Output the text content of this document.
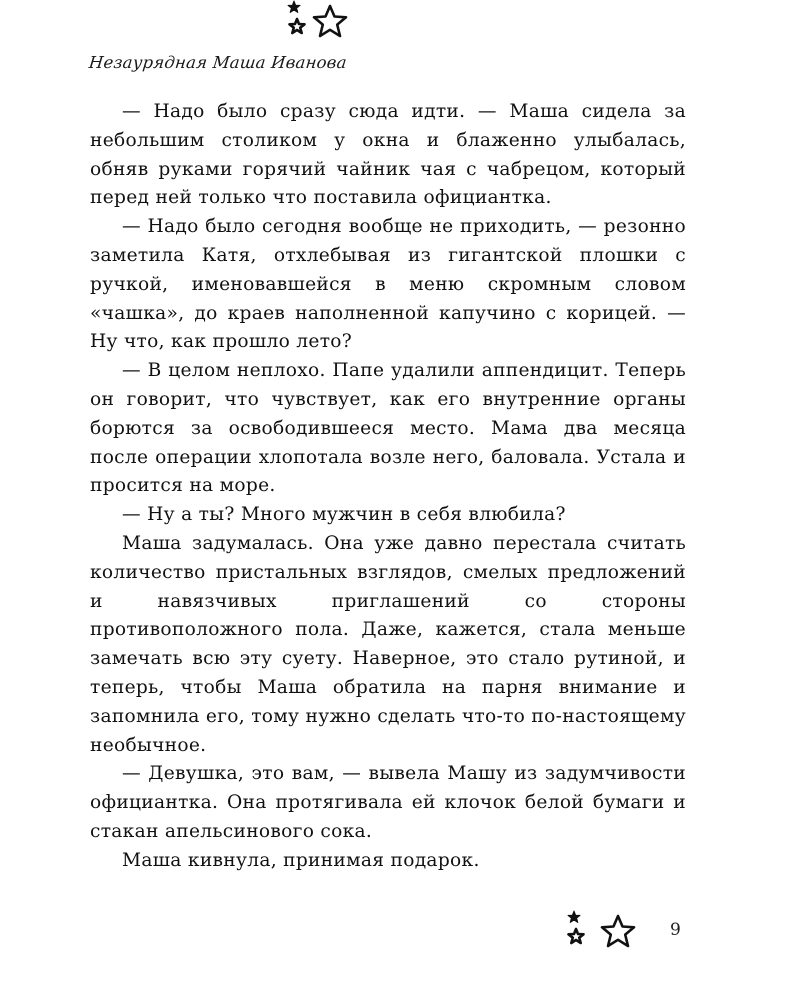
Незаурядная Маша Иванова

— Надо было сразу сюда идти. — Маша сидела за небольшим столиком у окна и блаженно улыбалась, обняв руками горячий чайник чая с чабрецом, который перед ней только что поставила официантка.

— Надо было сегодня вообще не приходить, — резонно заметила Катя, отхлебывая из гигантской плошки с ручкой, именовавшейся в меню скромным словом «чашка», до краев наполненной капучино с корицей. — Ну что, как прошло лето?

— В целом неплохо. Папе удалили аппендицит. Теперь он говорит, что чувствует, как его внутренние органы борются за освободившееся место. Мама два месяца после операции хлопотала возле него, баловала. Устала и просится на море.

— Ну а ты? Много мужчин в себя влюбила?

Маша задумалась. Она уже давно перестала считать количество пристальных взглядов, смелых предложений и навязчивых приглашений со стороны противоположного пола. Даже, кажется, стала меньше замечать всю эту суету. Наверное, это стало рутиной, и теперь, чтобы Маша обратила на парня внимание и запомнила его, тому нужно сделать что-то по-настоящему необычное.

— Девушка, это вам, — вывела Машу из задумчивости официантка. Она протягивала ей клочок белой бумаги и стакан апельсинового сока.

Маша кивнула, принимая подарок.

9
